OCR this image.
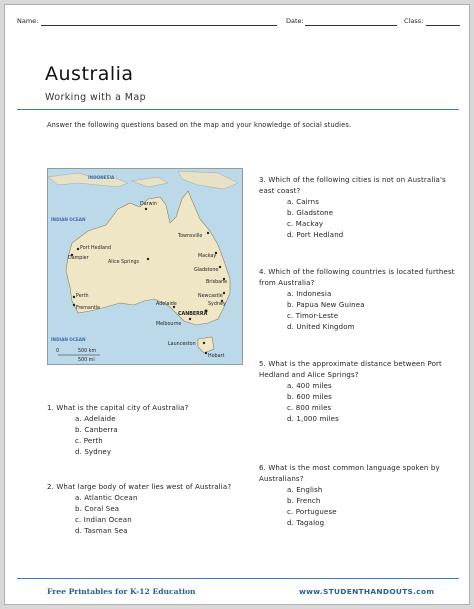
Name:	Date:	Class:
Australia
Working with a Map
Answer the following questions based on the map and your knowledge of social studies.
INDONESIA
INDIAN OCEAN
INDIAN OCEAN
Darwin
Townsville
Mackay
Gladstone
Brisbane
Newcastle
Sydney
CANBERRA
Melbourne
Adelaide
Port Hedland
Dampier
Alice Springs
Perth
Fremantle
Launceston
Hobart
0	500 km
500 mi
1. What is the capital city of Australia?
a. Adelaide
b. Canberra
c. Perth
d. Sydney
2. What large body of water lies west of Australia?
a. Atlantic Ocean
b. Coral Sea
c. Indian Ocean
d. Tasman Sea
3. Which of the following cities is not on Australia's east coast?
a. Cairns
b. Gladstone
c. Mackay
d. Port Hedland
4. Which of the following countries is located furthest from Australia?
a. Indonesia
b. Papua New Guinea
c. Timor-Leste
d. United Kingdom
5. What is the approximate distance between Port Hedland and Alice Springs?
a. 400 miles
b. 600 miles
c. 800 miles
d. 1,000 miles
6. What is the most common language spoken by Australians?
a. English
b. French
c. Portuguese
d. Tagalog
Free Printables for K-12 Education	www.STUDENTHANDOUTS.com
